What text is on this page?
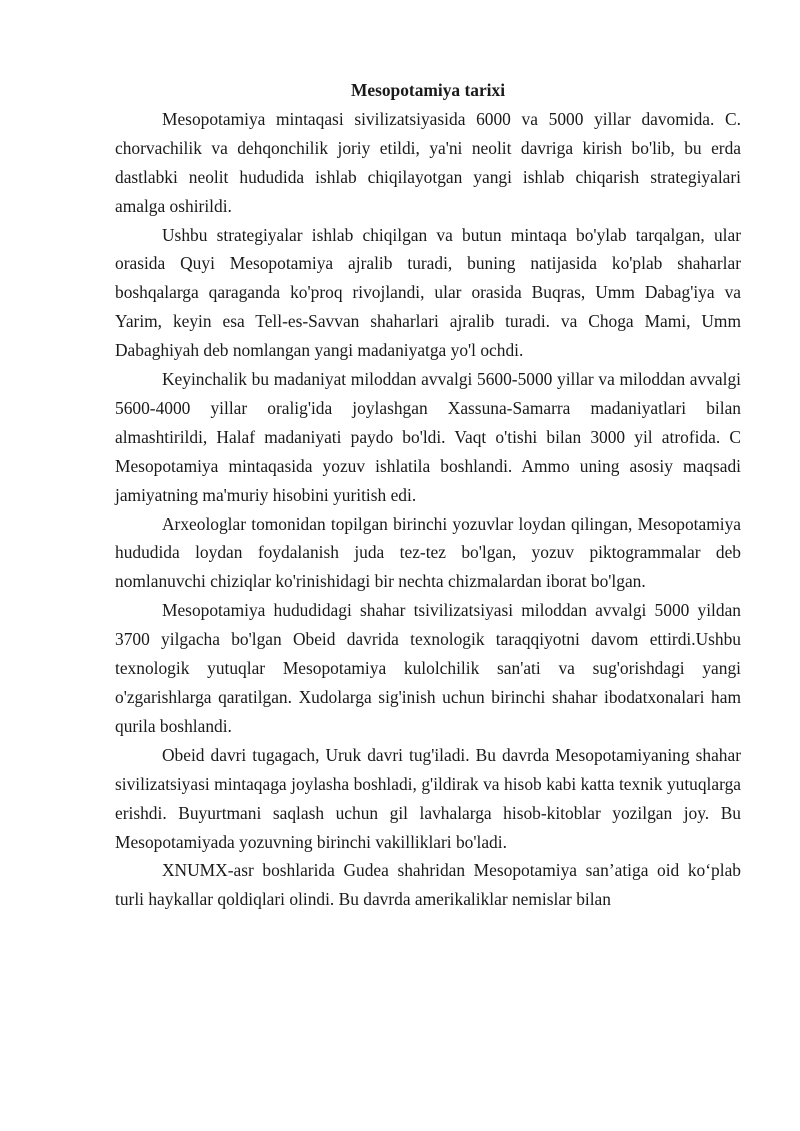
Mesopotamiya tarixi

Mesopotamiya mintaqasi sivilizatsiyasida 6000 va 5000 yillar davomida. C. chorvachilik va dehqonchilik joriy etildi, ya'ni neolit davriga kirish bo'lib, bu erda dastlabki neolit hududida ishlab chiqilayotgan yangi ishlab chiqarish strategiyalari amalga oshirildi.

Ushbu strategiyalar ishlab chiqilgan va butun mintaqa bo'ylab tarqalgan, ular orasida Quyi Mesopotamiya ajralib turadi, buning natijasida ko'plab shaharlar boshqalarga qaraganda ko'proq rivojlandi, ular orasida Buqras, Umm Dabag'iya va Yarim, keyin esa Tell-es-Savvan shaharlari ajralib turadi. va Choga Mami, Umm Dabaghiyah deb nomlangan yangi madaniyatga yo'l ochdi.

Keyinchalik bu madaniyat miloddan avvalgi 5600-5000 yillar va miloddan avvalgi 5600-4000 yillar oralig'ida joylashgan Xassuna-Samarra madaniyatlari bilan almashtirildi, Halaf madaniyati paydo bo'ldi. Vaqt o'tishi bilan 3000 yil atrofida. C Mesopotamiya mintaqasida yozuv ishlatila boshlandi. Ammo uning asosiy maqsadi jamiyatning ma'muriy hisobini yuritish edi.

Arxeologlar tomonidan topilgan birinchi yozuvlar loydan qilingan, Mesopotamiya hududida loydan foydalanish juda tez-tez bo'lgan, yozuv piktogrammalar deb nomlanuvchi chiziqlar ko'rinishidagi bir nechta chizmalardan iborat bo'lgan.

Mesopotamiya hududidagi shahar tsivilizatsiyasi miloddan avvalgi 5000 yildan 3700 yilgacha bo'lgan Obeid davrida texnologik taraqqiyotni davom ettirdi.Ushbu texnologik yutuqlar Mesopotamiya kulolchilik san'ati va sug'orishdagi yangi o'zgarishlarga qaratilgan. Xudolarga sig'inish uchun birinchi shahar ibodatxonalari ham qurila boshlandi.

Obeid davri tugagach, Uruk davri tug'iladi. Bu davrda Mesopotamiyaning shahar sivilizatsiyasi mintaqaga joylasha boshladi, g'ildirak va hisob kabi katta texnik yutuqlarga erishdi. Buyurtmani saqlash uchun gil lavhalarga hisob-kitoblar yozilgan joy. Bu Mesopotamiyada yozuvning birinchi vakilliklari bo'ladi.

XNUMX-asr boshlarida Gudea shahridan Mesopotamiya san’atiga oid ko‘plab turli haykallar qoldiqlari olindi. Bu davrda amerikaliklar nemislar bilan
